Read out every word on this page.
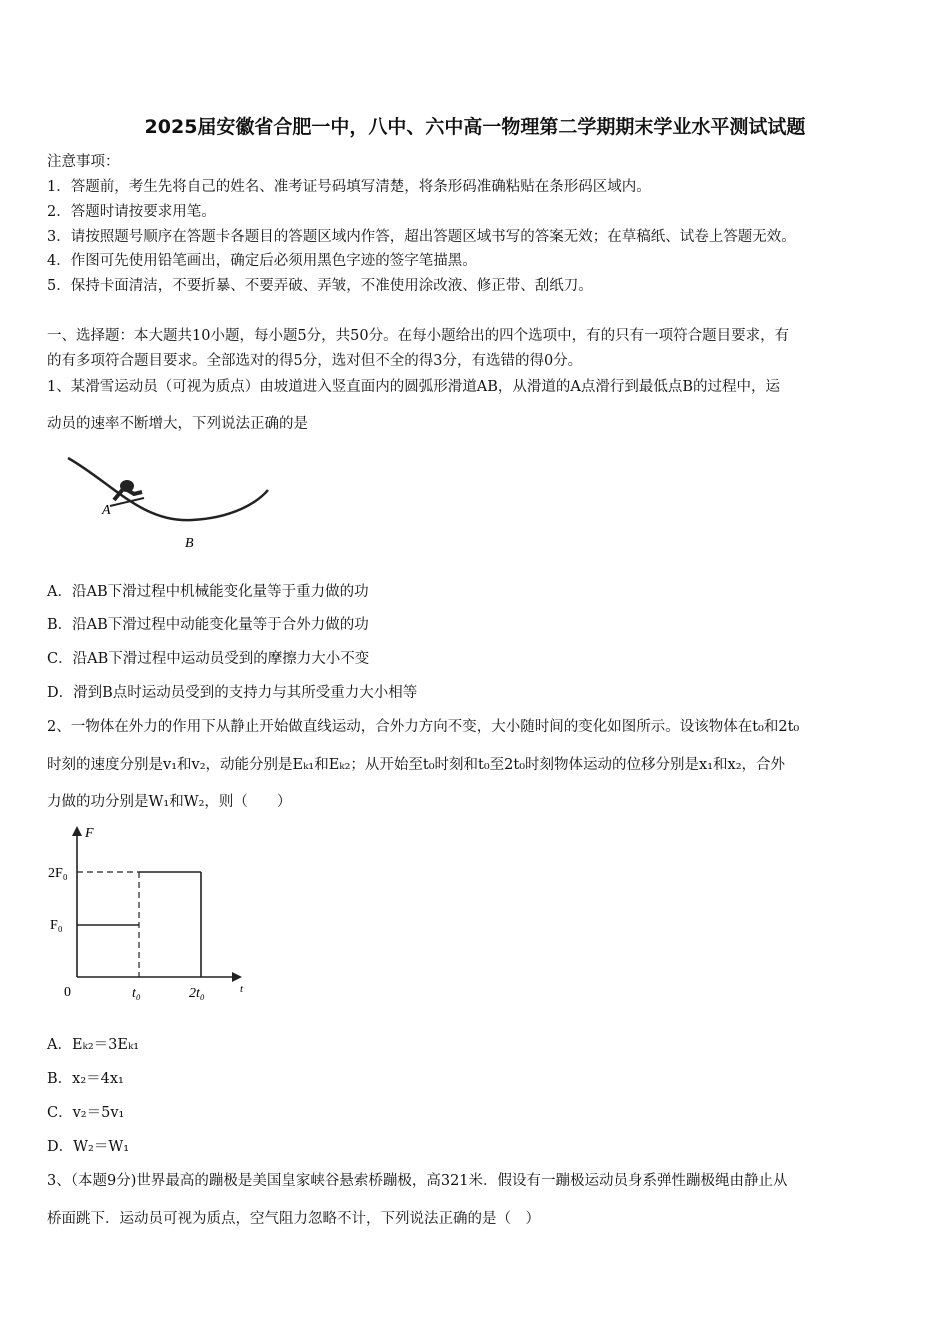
2025届安徽省合肥一中，八中、六中高一物理第二学期期末学业水平测试试题
注意事项：
1．答题前，考生先将自己的姓名、准考证号码填写清楚，将条形码准确粘贴在条形码区域内。
2．答题时请按要求用笔。
3．请按照题号顺序在答题卡各题目的答题区域内作答，超出答题区域书写的答案无效；在草稿纸、试卷上答题无效。
4．作图可先使用铅笔画出，确定后必须用黑色字迹的签字笔描黑。
5．保持卡面清洁，不要折暴、不要弄破、弄皱，不准使用涂改液、修正带、刮纸刀。
一、选择题：本大题共10小题，每小题5分，共50分。在每小题给出的四个选项中，有的只有一项符合题目要求，有
的有多项符合题目要求。全部选对的得5分，选对但不全的得3分，有选错的得0分。
1、某滑雪运动员（可视为质点）由坡道进入竖直面内的圆弧形滑道AB，从滑道的A点滑行到最低点B的过程中，运
动员的速率不断增大，下列说法正确的是
A
B
A．沿AB下滑过程中机械能变化量等于重力做的功
B．沿AB下滑过程中动能变化量等于合外力做的功
C．沿AB下滑过程中运动员受到的摩擦力大小不变
D．滑到B点时运动员受到的支持力与其所受重力大小相等
2、一物体在外力的作用下从静止开始做直线运动，合外力方向不变，大小随时间的变化如图所示。设该物体在t₀和2t₀
时刻的速度分别是v₁和v₂，动能分别是Eₖ₁和Eₖ₂；从开始至t₀时刻和t₀至2t₀时刻物体运动的位移分别是x₁和x₂，合外
力做的功分别是W₁和W₂，则（　　）
F
t
2F₀
F₀
0	t₀	2t₀
A．Eₖ₂＝3Eₖ₁
B．x₂＝4x₁
C．v₂＝5v₁
D．W₂＝W₁
3、（本题9分)世界最高的蹦极是美国皇家峡谷悬索桥蹦极，高321米．假设有一蹦极运动员身系弹性蹦极绳由静止从
桥面跳下．运动员可视为质点，空气阻力忽略不计，下列说法正确的是（　）
